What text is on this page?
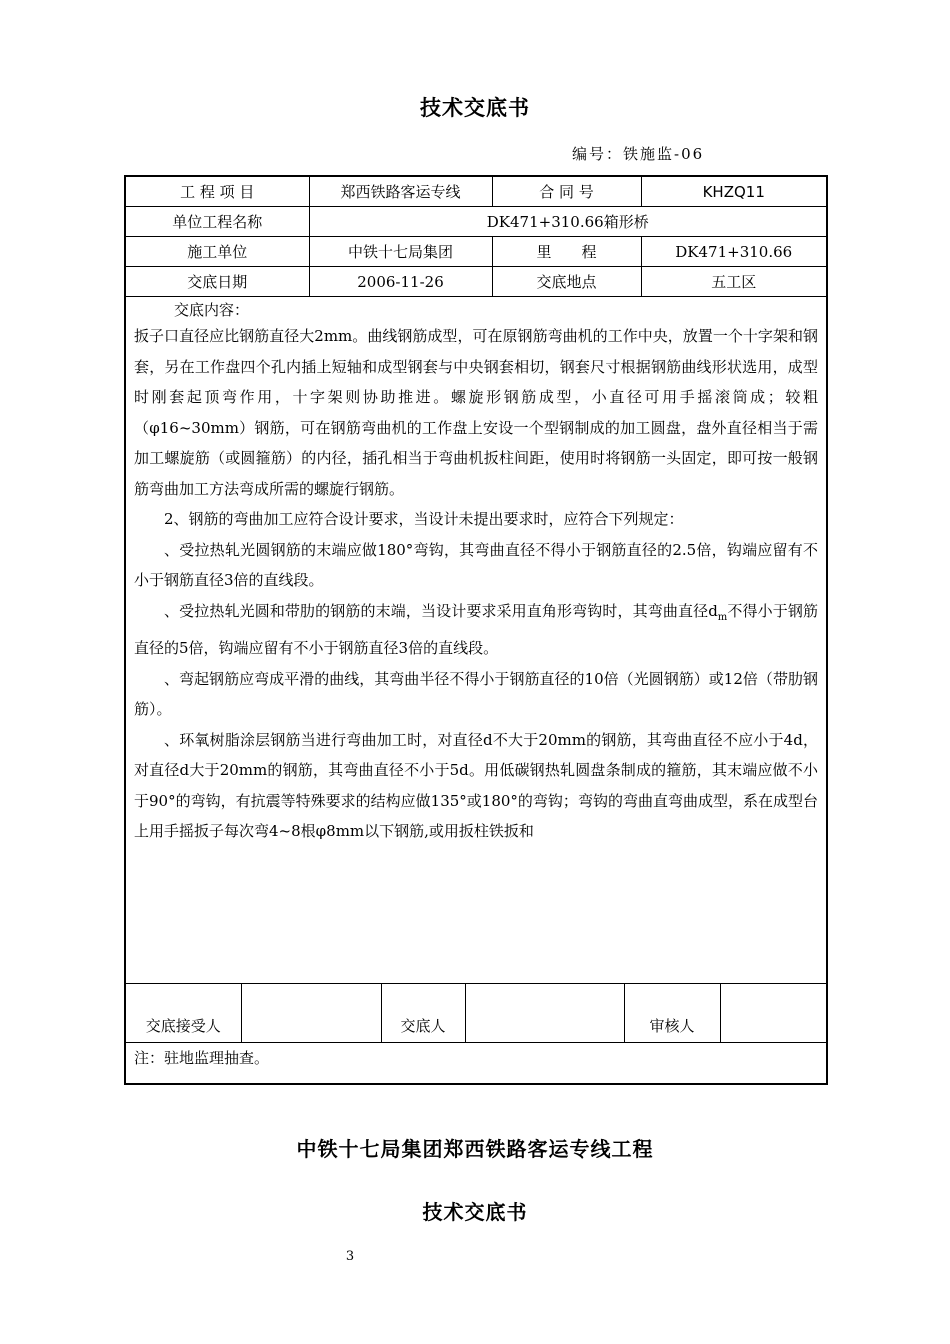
技术交底书
编号：铁施监-06
工 程 项 目	郑西铁路客运专线	合 同 号	KHZQ11
单位工程名称	DK471+310.66箱形桥
施工单位	中铁十七局集团	里　　程	DK471+310.66
交底日期	2006-11-26	交底地点	五工区

交底内容：

扳子口直径应比钢筋直径大2mm。曲线钢筋成型，可在原钢筋弯曲机的工作中央，放置一个十字架和钢套，另在工作盘四个孔内插上短轴和成型钢套与中央钢套相切，钢套尺寸根据钢筋曲线形状选用，成型时刚套起顶弯作用，十字架则协助推进。螺旋形钢筋成型，小直径可用手摇滚筒成；较粗（φ16~30mm）钢筋，可在钢筋弯曲机的工作盘上安设一个型钢制成的加工圆盘，盘外直径相当于需加工螺旋筋（或圆箍筋）的内径，插孔相当于弯曲机扳柱间距，使用时将钢筋一头固定，即可按一般钢筋弯曲加工方法弯成所需的螺旋行钢筋。

2、钢筋的弯曲加工应符合设计要求，当设计未提出要求时，应符合下列规定：

、受拉热轧光圆钢筋的末端应做180°弯钩，其弯曲直径不得小于钢筋直径的2.5倍，钩端应留有不小于钢筋直径3倍的直线段。

、受拉热轧光圆和带肋的钢筋的末端，当设计要求采用直角形弯钩时，其弯曲直径$d_m$不得小于钢筋直径的5倍，钩端应留有不小于钢筋直径3倍的直线段。

、弯起钢筋应弯成平滑的曲线，其弯曲半径不得小于钢筋直径的10倍（光圆钢筋）或12倍（带肋钢筋）。

、环氧树脂涂层钢筋当进行弯曲加工时，对直径d不大于20mm的钢筋，其弯曲直径不应小于4d，对直径d大于20mm的钢筋，其弯曲直径不小于5d。用低碳钢热轧圆盘条制成的箍筋，其末端应做不小于90°的弯钩，有抗震等特殊要求的结构应做135°或180°的弯钩；弯钩的弯曲直弯曲成型，系在成型台上用手摇扳子每次弯4~8根φ8mm以下钢筋,或用扳柱铁扳和

交底接受人		交底人		审核人	

注：驻地监理抽查。
中铁十七局集团郑西铁路客运专线工程
技术交底书
3
